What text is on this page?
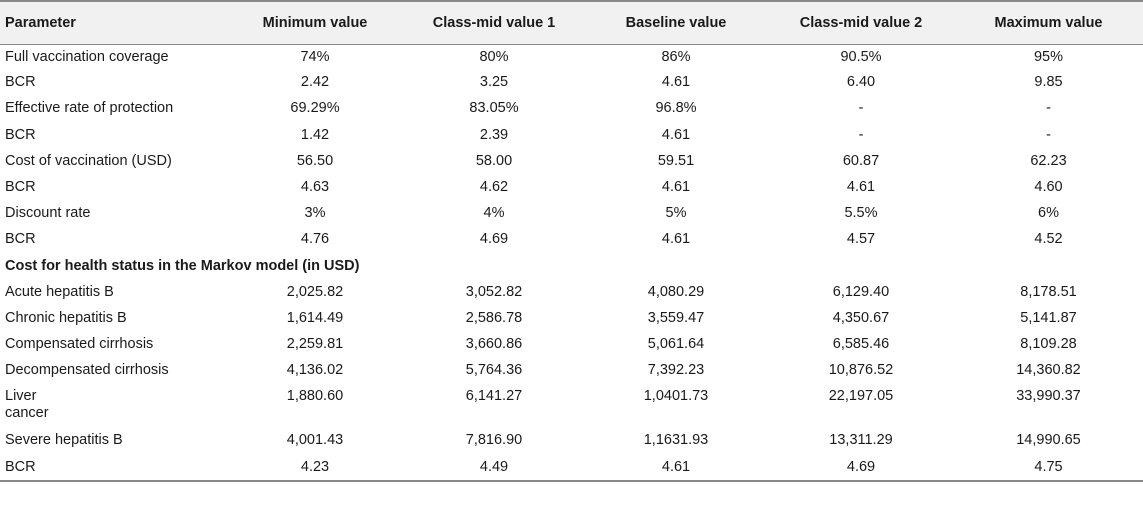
Parameter	Minimum value	Class-mid value 1	Baseline value	Class-mid value 2	Maximum value
Full vaccination coverage	74%	80%	86%	90.5%	95%
BCR	2.42	3.25	4.61	6.40	9.85
Effective rate of protection	69.29%	83.05%	96.8%	-	-
BCR	1.42	2.39	4.61	-	-
Cost of vaccination (USD)	56.50	58.00	59.51	60.87	62.23
BCR	4.63	4.62	4.61	4.61	4.60
Discount rate	3%	4%	5%	5.5%	6%
BCR	4.76	4.69	4.61	4.57	4.52
Cost for health status in the Markov model (in USD)					
Acute hepatitis B	2,025.82	3,052.82	4,080.29	6,129.40	8,178.51
Chronic hepatitis B	1,614.49	2,586.78	3,559.47	4,350.67	5,141.87
Compensated cirrhosis	2,259.81	3,660.86	5,061.64	6,585.46	8,109.28
Decompensated cirrhosis	4,136.02	5,764.36	7,392.23	10,876.52	14,360.82
Liver
cancer	1,880.60	6,141.27	1,0401.73	22,197.05	33,990.37
Severe hepatitis B	4,001.43	7,816.90	1,1631.93	13,311.29	14,990.65
BCR	4.23	4.49	4.61	4.69	4.75
